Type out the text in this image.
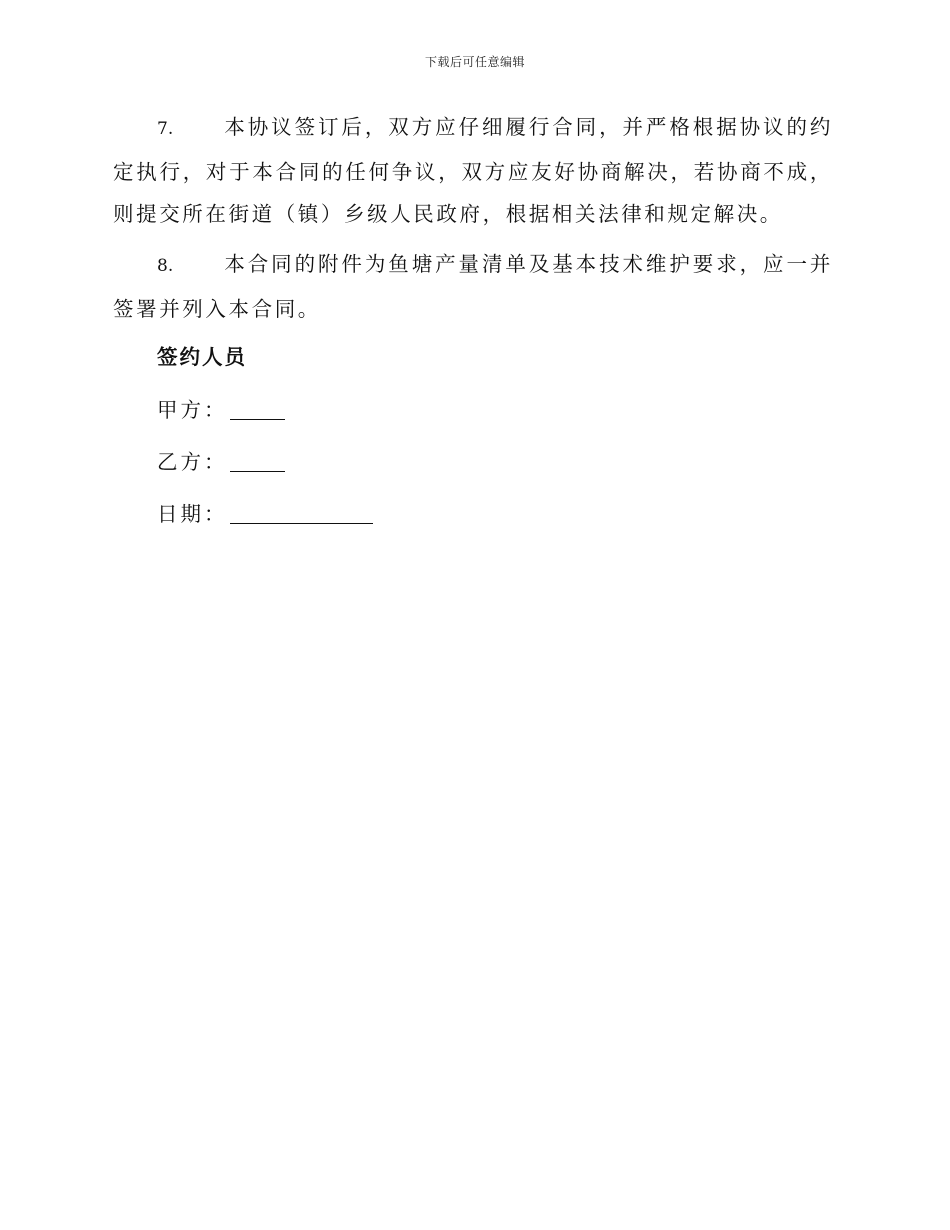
下载后可任意编辑
7. 本协议签订后，双方应仔细履行合同，并严格根据协议的约定执行，对于本合同的任何争议，双方应友好协商解决，若协商不成，则提交所在街道（镇）乡级人民政府，根据相关法律和规定解决。
8. 本合同的附件为鱼塘产量清单及基本技术维护要求，应一并签署并列入本合同。
签约人员
甲方：
乙方：
日期：
